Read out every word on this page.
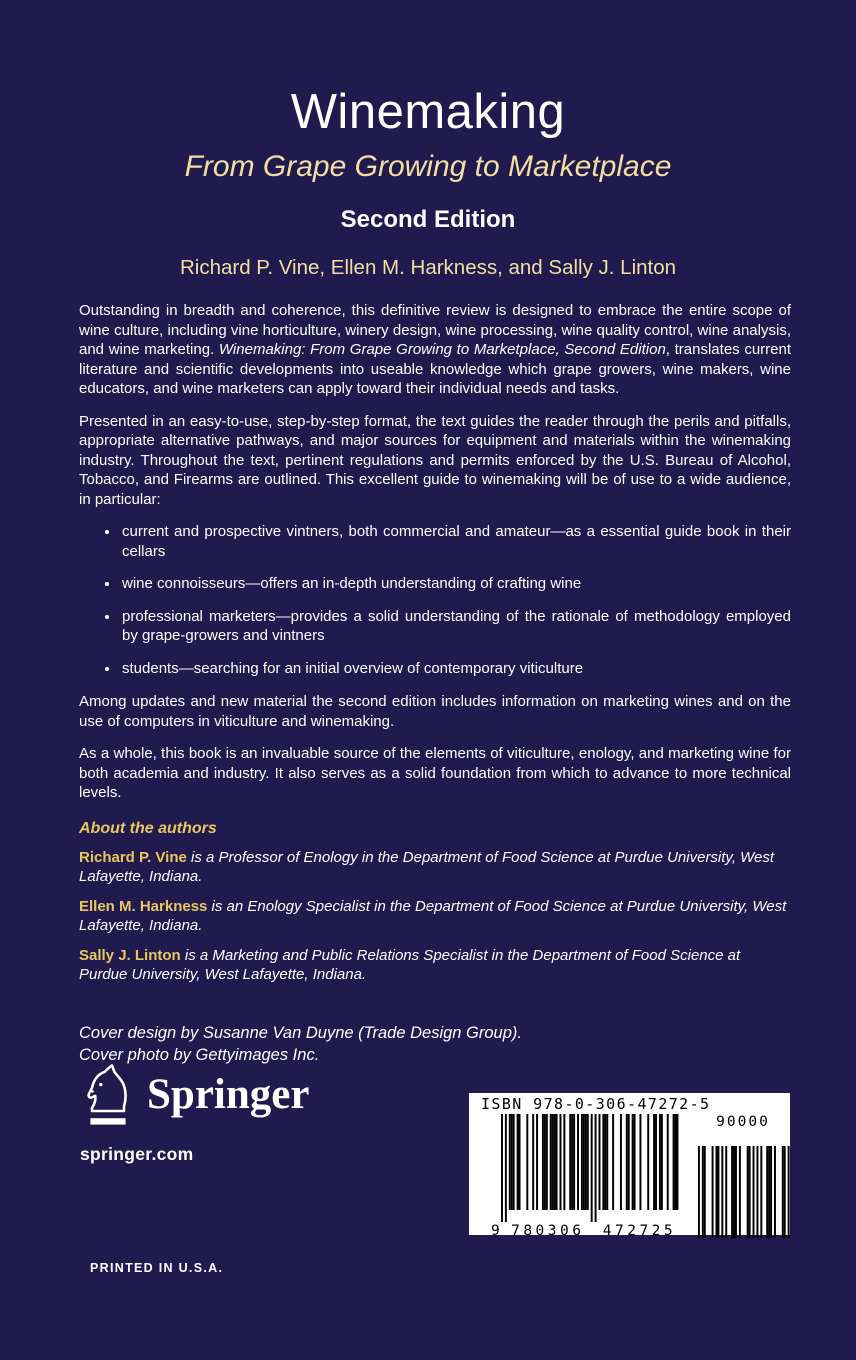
Winemaking
From Grape Growing to Marketplace
Second Edition
Richard P. Vine, Ellen M. Harkness, and Sally J. Linton

Outstanding in breadth and coherence, this definitive review is designed to embrace the entire scope of wine culture, including vine horticulture, winery design, wine processing, wine quality control, wine analysis, and wine marketing. Winemaking: From Grape Growing to Marketplace, Second Edition, translates current literature and scientific developments into useable knowledge which grape growers, wine makers, wine educators, and wine marketers can apply toward their individual needs and tasks.

Presented in an easy-to-use, step-by-step format, the text guides the reader through the perils and pitfalls, appropriate alternative pathways, and major sources for equipment and materials within the winemaking industry. Throughout the text, pertinent regulations and permits enforced by the U.S. Bureau of Alcohol, Tobacco, and Firearms are outlined. This excellent guide to winemaking will be of use to a wide audience, in particular:

• current and prospective vintners, both commercial and amateur—as a essential guide book in their cellars
• wine connoisseurs—offers an in-depth understanding of crafting wine
• professional marketers—provides a solid understanding of the rationale of methodology employed by grape-growers and vintners
• students—searching for an initial overview of contemporary viticulture

Among updates and new material the second edition includes information on marketing wines and on the use of computers in viticulture and winemaking.

As a whole, this book is an invaluable source of the elements of viticulture, enology, and marketing wine for both academia and industry. It also serves as a solid foundation from which to advance to more technical levels.

About the authors

Richard P. Vine is a Professor of Enology in the Department of Food Science at Purdue University, West Lafayette, Indiana.

Ellen M. Harkness is an Enology Specialist in the Department of Food Science at Purdue University, West Lafayette, Indiana.

Sally J. Linton is a Marketing and Public Relations Specialist in the Department of Food Science at Purdue University, West Lafayette, Indiana.

Cover design by Susanne Van Duyne (Trade Design Group).
Cover photo by Gettyimages Inc.
Springer
springer.com
ISBN 978-0-306-47272-5
9 780306 472725
90000
PRINTED IN U.S.A.
